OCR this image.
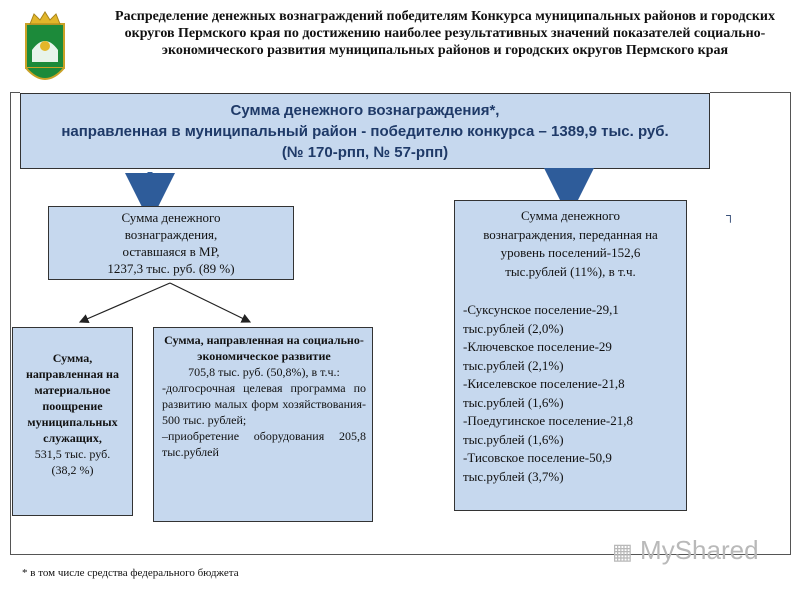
Распределение денежных вознаграждений победителям Конкурса муниципальных районов и городских округов Пермского края по достижению наиболее результативных значений показателей социально-экономического развития муниципальных районов и городских округов Пермского края
Сумма денежного вознаграждения*,
направленная в муниципальный район - победителю конкурса – 1389,9 тыс. руб.
(№ 170-рпп, № 57-рпп)
Сумма денежного
вознаграждения,
оставшаяся в МР,
1237,3 тыс. руб. (89 %)
Сумма денежного
вознаграждения, переданная на
уровень поселений-152,6
тыс.рублей (11%), в т.ч.
-Суксунское поселение-29,1
тыс.рублей (2,0%)
-Ключевское поселение-29
тыс.рублей (2,1%)
-Киселевское поселение-21,8
тыс.рублей (1,6%)
-Поедугинское поселение-21,8
тыс.рублей (1,6%)
-Тисовское поселение-50,9
тыс.рублей (3,7%)
Сумма, направленная на материальное поощрение муниципальных служащих,
531,5 тыс. руб.
(38,2 %)
Сумма, направленная на социально-экономическое развитие
705,8 тыс. руб. (50,8%), в т.ч.:
-долгосрочная целевая программа по развитию малых форм хозяйствования- 500 тыс. рублей;
–приобретение оборудования 205,8 тыс.рублей
┐
▦ MyShared
* в том числе средства федерального бюджета
